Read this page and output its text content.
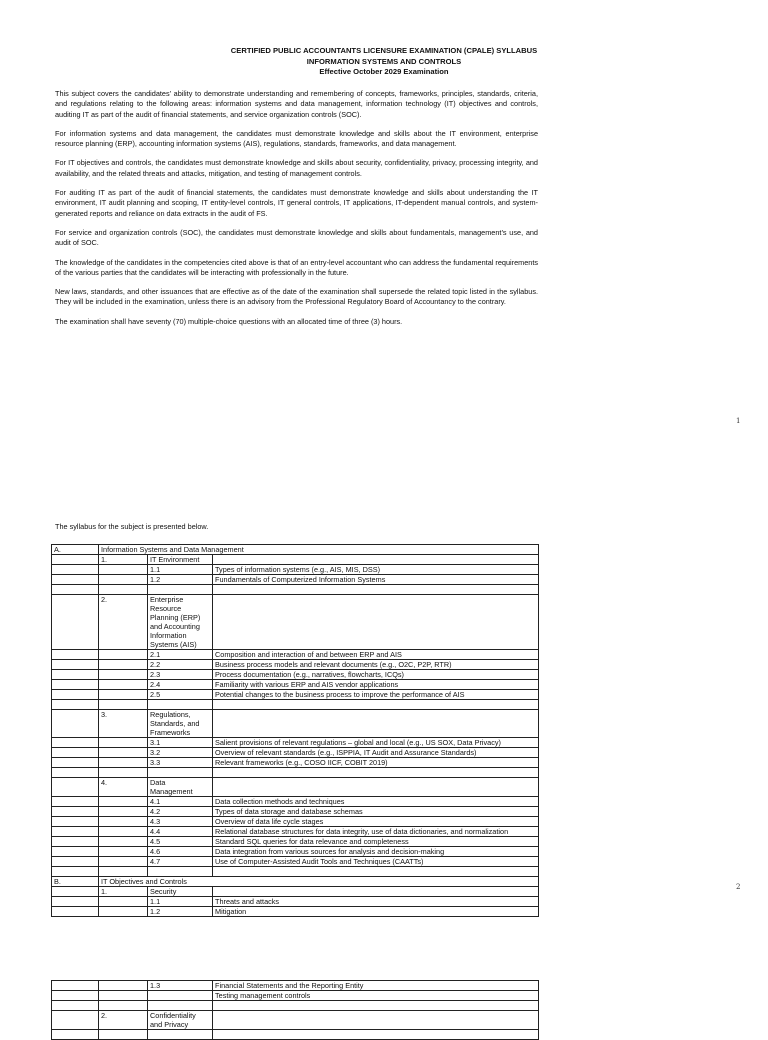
CERTIFIED PUBLIC ACCOUNTANTS LICENSURE EXAMINATION (CPALE) SYLLABUS
INFORMATION SYSTEMS AND CONTROLS
Effective October 2029 Examination

This subject covers the candidates’ ability to demonstrate understanding and remembering of concepts, frameworks, principles, standards, criteria, and regulations relating to the following areas: information systems and data management, information technology (IT) objectives and controls, auditing IT as part of the audit of financial statements, and service organization controls (SOC).

For information systems and data management, the candidates must demonstrate knowledge and skills about the IT environment, enterprise resource planning (ERP), accounting information systems (AIS), regulations, standards, frameworks, and data management.

For IT objectives and controls, the candidates must demonstrate knowledge and skills about security, confidentiality, privacy, processing integrity, and availability, and the related threats and attacks, mitigation, and testing of management controls.

For auditing IT as part of the audit of financial statements, the candidates must demonstrate knowledge and skills about understanding the IT environment, IT audit planning and scoping, IT entity-level controls, IT general controls, IT applications, IT-dependent manual controls, and system-generated reports and reliance on data extracts in the audit of FS.

For service and organization controls (SOC), the candidates must demonstrate knowledge and skills about fundamentals, management’s use, and audit of SOC.

The knowledge of the candidates in the competencies cited above is that of an entry-level accountant who can address the fundamental requirements of the various parties that the candidates will be interacting with professionally in the future.

New laws, standards, and other issuances that are effective as of the date of the examination shall supersede the related topic listed in the syllabus. They will be included in the examination, unless there is an advisory from the Professional Regulatory Board of Accountancy to the contrary.

The examination shall have seventy (70) multiple-choice questions with an allocated time of three (3) hours.

1
The syllabus for the subject is presented below.
A.	Information Systems and Data Management		
	1.	IT Environment	
		1.1	Types of information systems (e.g., AIS, MIS, DSS)
		1.2	Fundamentals of Computerized Information Systems

	2.	Enterprise Resource Planning (ERP) and Accounting Information Systems (AIS)	
		2.1	Composition and interaction of and between ERP and AIS
		2.2	Business process models and relevant documents (e.g., O2C, P2P, RTR)
		2.3	Process documentation (e.g., narratives, flowcharts, ICQs)
		2.4	Familiarity with various ERP and AIS vendor applications
		2.5	Potential changes to the business process to improve the performance of AIS

	3.	Regulations, Standards, and Frameworks	
		3.1	Salient provisions of relevant regulations – global and local (e.g., US SOX, Data Privacy)
		3.2	Overview of relevant standards (e.g., ISPPIA, IT Audit and Assurance Standards)
		3.3	Relevant frameworks (e.g., COSO IICF, COBIT 2019)

	4.	Data Management	
		4.1	Data collection methods and techniques
		4.2	Types of data storage and database schemas
		4.3	Overview of data life cycle stages
		4.4	Relational database structures for data integrity, use of data dictionaries, and normalization
		4.5	Standard SQL queries for data relevance and completeness
		4.6	Data integration from various sources for analysis and decision-making
		4.7	Use of Computer-Assisted Audit Tools and Techniques (CAATTs)

B.	IT Objectives and Controls		
	1.	Security	
		1.1	Threats and attacks
		1.2	Mitigation
2
		1.3	Financial Statements and the Reporting Entity
			Testing management controls

	2.	Confidentiality and Privacy	
